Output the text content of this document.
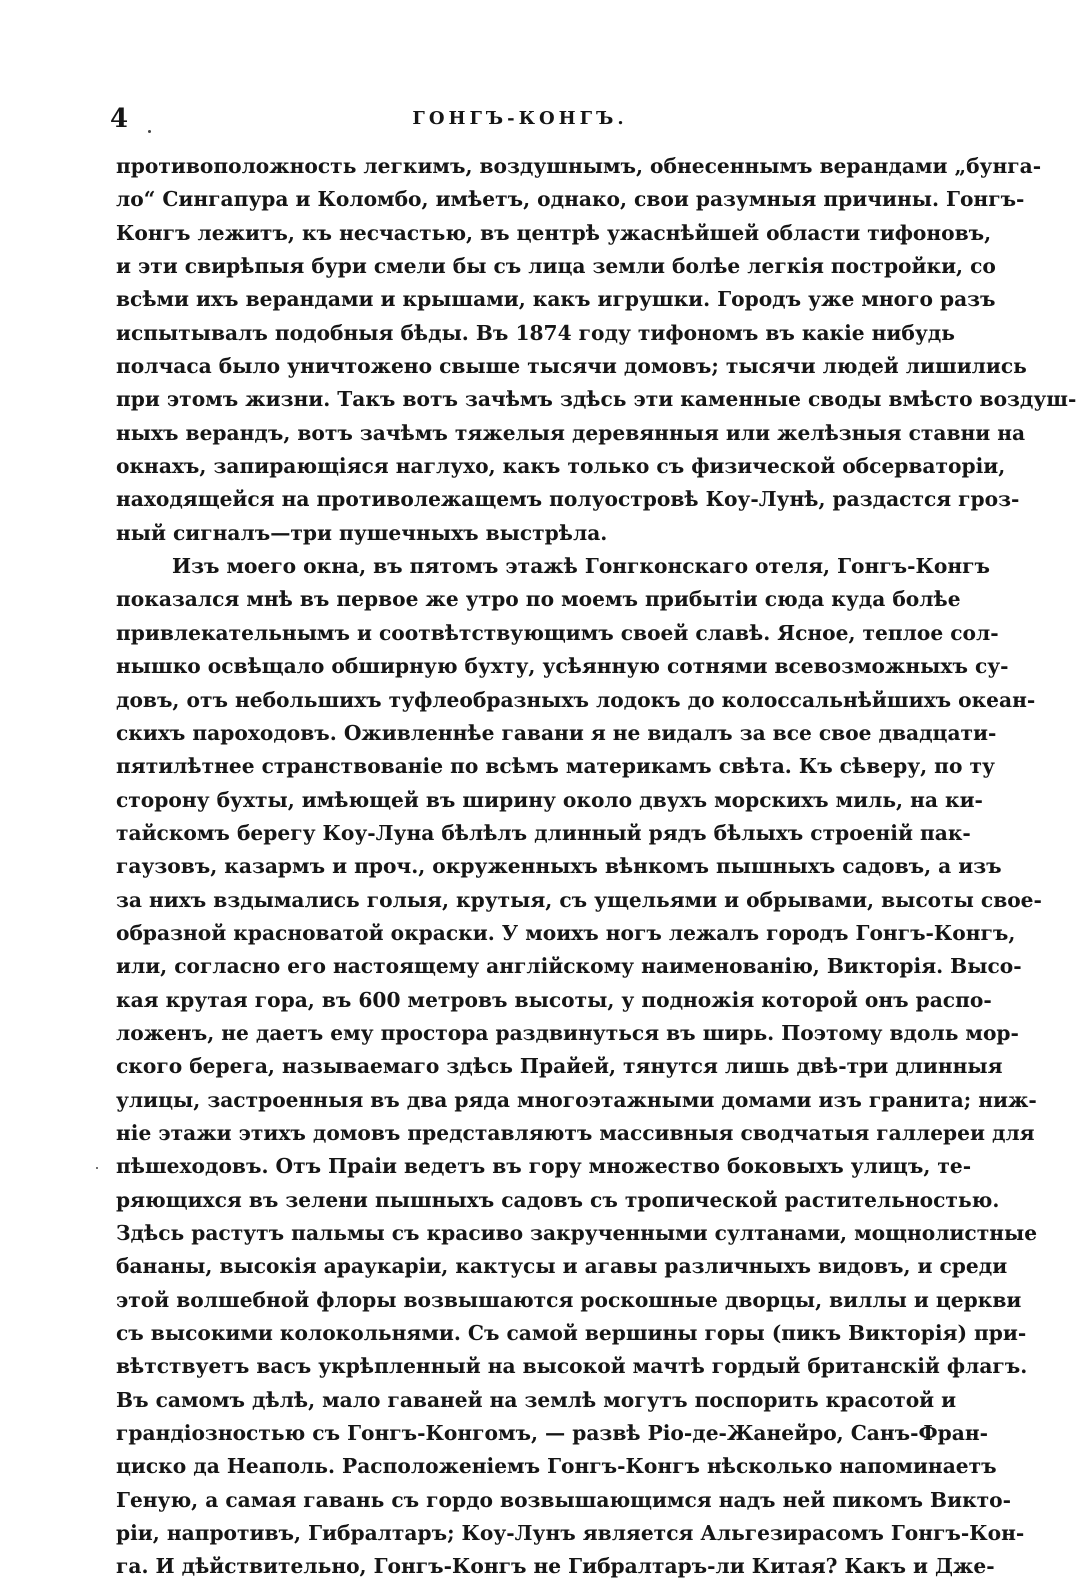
4	ГОНГЪ-КОНГЪ.
противоположность легкимъ, воздушнымъ, обнесеннымъ верандами „бунга-
ло“ Сингапура и Коломбо, имѣетъ, однако, свои разумныя причины. Гонгъ-
Конгъ лежитъ, къ несчастью, въ центрѣ ужаснѣйшей области тифоновъ,
и эти свирѣпыя бури смели бы съ лица земли болѣе легкія постройки, со
всѣми ихъ верандами и крышами, какъ игрушки. Городъ уже много разъ
испытывалъ подобныя бѣды. Въ 1874 году тифономъ въ какіе нибудь
полчаса было уничтожено свыше тысячи домовъ; тысячи людей лишились
при этомъ жизни. Такъ вотъ зачѣмъ здѣсь эти каменные своды вмѣсто воздуш-
ныхъ верандъ, вотъ зачѣмъ тяжелыя деревянныя или желѣзныя ставни на
окнахъ, запирающіяся наглухо, какъ только съ физической обсерваторіи,
находящейся на противолежащемъ полуостровѣ Коу-Лунѣ, раздастся гроз-
ный сигналъ—три пушечныхъ выстрѣла.
Изъ моего окна, въ пятомъ этажѣ Гонгконскаго отеля, Гонгъ-Конгъ
показался мнѣ въ первое же утро по моемъ прибытіи сюда куда болѣе
привлекательнымъ и соотвѣтствующимъ своей славѣ. Ясное, теплое сол-
нышко освѣщало обширную бухту, усѣянную сотнями всевозможныхъ су-
довъ, отъ небольшихъ туфлеобразныхъ лодокъ до колоссальнѣйшихъ океан-
скихъ пароходовъ. Оживленнѣе гавани я не видалъ за все свое двадцати-
пятилѣтнее странствованіе по всѣмъ материкамъ свѣта. Къ сѣверу, по ту
сторону бухты, имѣющей въ ширину около двухъ морскихъ миль, на ки-
тайскомъ берегу Коу-Луна бѣлѣлъ длинный рядъ бѣлыхъ строеній пак-
гаузовъ, казармъ и проч., окруженныхъ вѣнкомъ пышныхъ садовъ, а изъ
за нихъ вздымались голыя, крутыя, съ ущельями и обрывами, высоты свое-
образной красноватой окраски. У моихъ ногъ лежалъ городъ Гонгъ-Конгъ,
или, согласно его настоящему англійскому наименованію, Викторія. Высо-
кая крутая гора, въ 600 метровъ высоты, у подножія которой онъ распо-
ложенъ, не даетъ ему простора раздвинуться въ ширь. Поэтому вдоль мор-
ского берега, называемаго здѣсь Прайей, тянутся лишь двѣ-три длинныя
улицы, застроенныя въ два ряда многоэтажными домами изъ гранита; ниж-
ніе этажи этихъ домовъ представляютъ массивныя сводчатыя галлереи для
пѣшеходовъ. Отъ Праіи ведетъ въ гору множество боковыхъ улицъ, те-
ряющихся въ зелени пышныхъ садовъ съ тропической растительностью.
Здѣсь растутъ пальмы съ красиво закрученными султанами, мощнолистные
бананы, высокія араукаріи, кактусы и агавы различныхъ видовъ, и среди
этой волшебной флоры возвышаются роскошные дворцы, виллы и церкви
съ высокими колокольнями. Съ самой вершины горы (пикъ Викторія) при-
вѣтствуетъ васъ укрѣпленный на высокой мачтѣ гордый британскій флагъ.
Въ самомъ дѣлѣ, мало гаваней на землѣ могутъ поспорить красотой и
грандіозностью съ Гонгъ-Конгомъ, — развѣ Ріо-де-Жанейро, Санъ-Фран-
циско да Неаполь. Расположеніемъ Гонгъ-Конгъ нѣсколько напоминаетъ
Геную, а самая гавань съ гордо возвышающимся надъ ней пикомъ Викто-
ріи, напротивъ, Гибралтаръ; Коу-Лунъ является Альгезирасомъ Гонгъ-Кон-
га. И дѣйствительно, Гонгъ-Конгъ не Гибралтаръ-ли Китая? Какъ и Дже-
